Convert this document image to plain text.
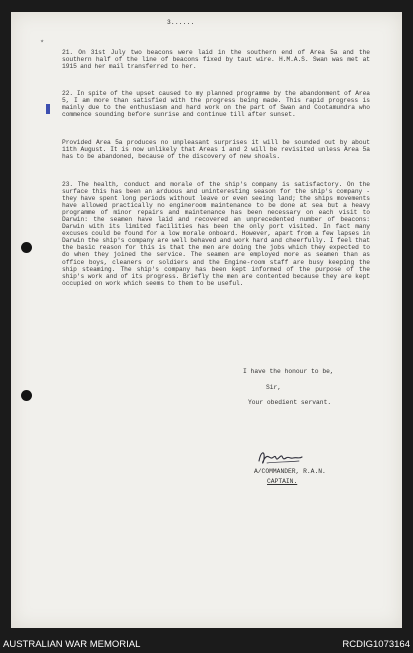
٭
3......
21. On 31st July two beacons were laid in the southern end of Area 5a and the southern half of the line of beacons fixed by taut wire. H.M.A.S. Swan was met at 1915 and her mail transferred to her.
22. In spite of the upset caused to my planned programme by the abandonment of Area 5, I am more than satisfied with the progress being made. This rapid progress is mainly due to the enthusiasm and hard work on the part of Swan and Cootamundra who commence sounding before sunrise and continue till after sunset.
Provided Area 5a produces no unpleasant surprises it will be sounded out by about 11th August. It is now unlikely that Areas 1 and 2 will be revisited unless Area 5a has to be abandoned, because of the discovery of new shoals.
23. The health, conduct and morale of the ship's company is satisfactory. On the surface this has been an arduous and uninteresting season for the ship's company - they have spent long periods without leave or even seeing land; the ships movements have allowed practically no engineroom maintenance to be done at sea but a heavy programme of minor repairs and maintenance has been necessary on each visit to Darwin: the seamen have laid and recovered an unprecedented number of beacons: Darwin with its limited facilities has been the only port visited. In fact many excuses could be found for a low morale onboard. However, apart from a few lapses in Darwin the ship's company are well behaved and work hard and cheerfully. I feel that the basic reason for this is that the men are doing the jobs which they expected to do when they joined the service. The seamen are employed more as seamen than as office boys, cleaners or soldiers and the Engine-room staff are busy keeping the ship steaming. The ship's company has been kept informed of the purpose of the ship's work and of its progress. Briefly the men are contented because they are kept occupied on work which seems to them to be useful.
I have the honour to be,
Sir,
Your obedient servant.
A/COMMANDER, R.A.N.
CAPTAIN.
AUSTRALIAN WAR MEMORIAL	RCDIG1073164
